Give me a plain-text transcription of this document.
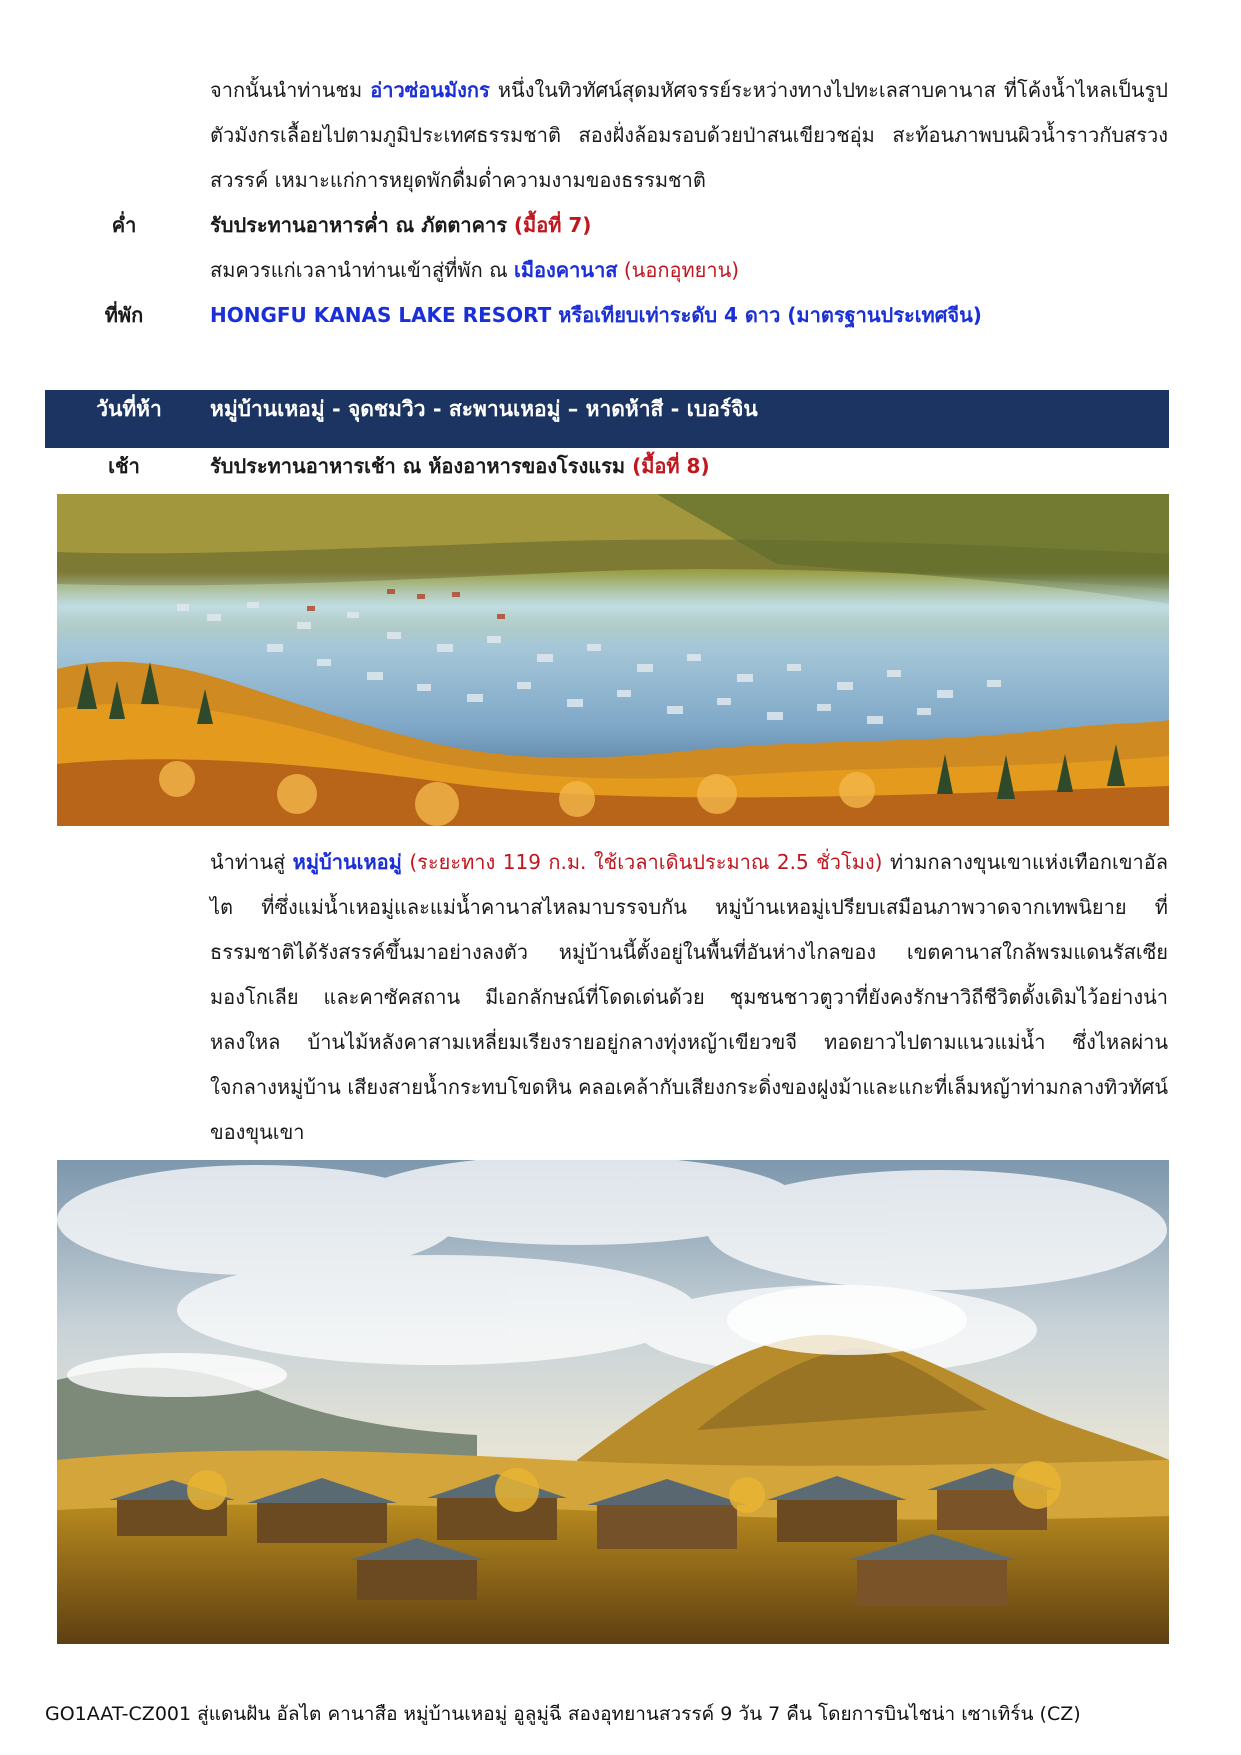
จากนั้นนำท่านชม อ่าวซ่อนมังกร หนึ่งในทิวทัศน์สุดมหัศจรรย์ระหว่างทางไปทะเลสาบคานาส ที่โค้งน้ำไหลเป็นรูปตัวมังกรเลื้อยไปตามภูมิประเทศธรรมชาติ สองฝั่งล้อมรอบด้วยป่าสนเขียวชอุ่ม สะท้อนภาพบนผิวน้ำราวกับสรวงสวรรค์ เหมาะแก่การหยุดพักดื่มด่ำความงามของธรรมชาติ
ค่ำ	รับประทานอาหารค่ำ ณ ภัตตาคาร (มื้อที่ 7)
สมควรแก่เวลานำท่านเข้าสู่ที่พัก ณ เมืองคานาส (นอกอุทยาน)
ที่พัก	HONGFU KANAS LAKE RESORT หรือเทียบเท่าระดับ 4 ดาว (มาตรฐานประเทศจีน)
วันที่ห้า	หมู่บ้านเหอมู่ - จุดชมวิว - สะพานเหอมู่ – หาดห้าสี - เบอร์จิน
เช้า	รับประทานอาหารเช้า ณ ห้องอาหารของโรงแรม (มื้อที่ 8)
นำท่านสู่ หมู่บ้านเหอมู่ (ระยะทาง 119 ก.ม. ใช้เวลาเดินประมาณ 2.5 ชั่วโมง) ท่ามกลางขุนเขาแห่งเทือกเขาอัลไต ที่ซึ่งแม่น้ำเหอมู่และแม่น้ำคานาสไหลมาบรรจบกัน หมู่บ้านเหอมู่เปรียบเสมือนภาพวาดจากเทพนิยาย ที่ธรรมชาติได้รังสรรค์ขึ้นมาอย่างลงตัว หมู่บ้านนี้ตั้งอยู่ในพื้นที่อันห่างไกลของ เขตคานาสใกล้พรมแดนรัสเซีย มองโกเลีย และคาซัคสถาน มีเอกลักษณ์ที่โดดเด่นด้วย ชุมชนชาวตูวาที่ยังคงรักษาวิถีชีวิตดั้งเดิมไว้อย่างน่าหลงใหล บ้านไม้หลังคาสามเหลี่ยมเรียงรายอยู่กลางทุ่งหญ้าเขียวขจี ทอดยาวไปตามแนวแม่น้ำ ซึ่งไหลผ่านใจกลางหมู่บ้าน เสียงสายน้ำกระทบโขดหิน คลอเคล้ากับเสียงกระดิ่งของฝูงม้าและแกะที่เล็มหญ้าท่ามกลางทิวทัศน์ของขุนเขา
GO1AAT-CZ001 สู่แดนฝัน อัลไต คานาสือ หมู่บ้านเหอมู่ อูลูมู่ฉี สองอุทยานสวรรค์ 9 วัน 7 คืน โดยการบินไชน่า เซาเทิร์น (CZ)
